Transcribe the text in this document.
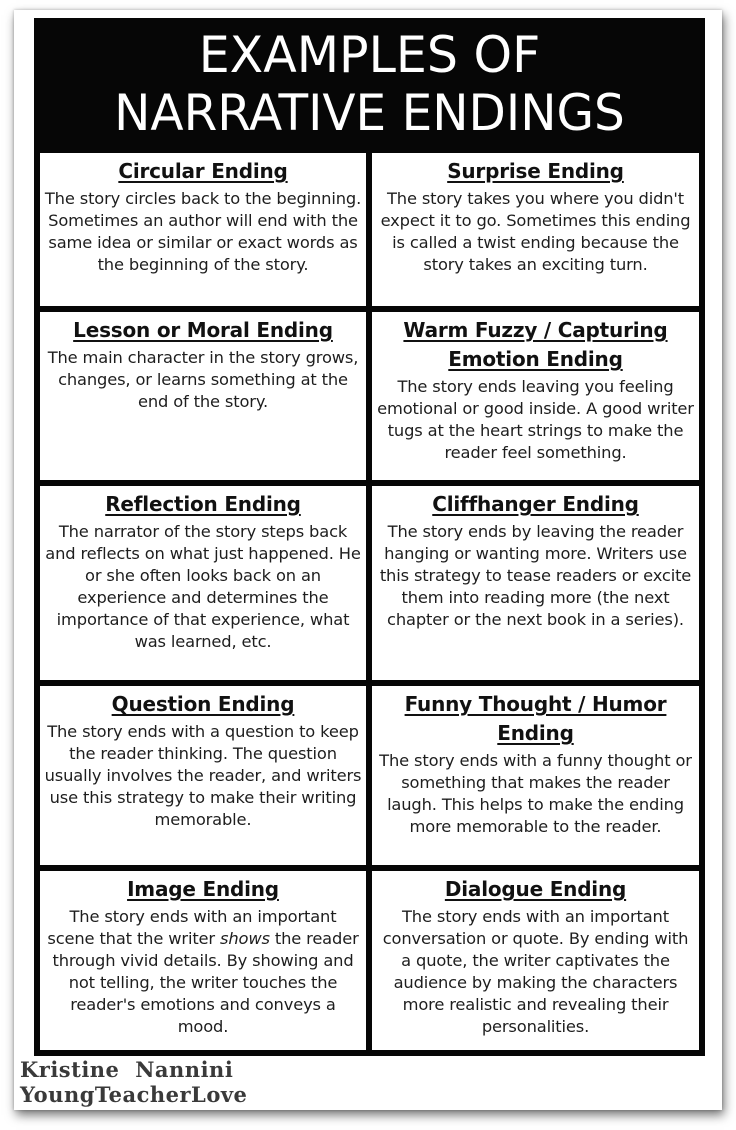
EXAMPLES OF
NARRATIVE ENDINGS
Circular Ending
The story circles back to the beginning. Sometimes an author will end with the same idea or similar or exact words as the beginning of the story.
Surprise Ending
The story takes you where you didn't expect it to go. Sometimes this ending is called a twist ending because the story takes an exciting turn.
Lesson or Moral Ending
The main character in the story grows, changes, or learns something at the end of the story.
Warm Fuzzy / Capturing Emotion Ending
The story ends leaving you feeling emotional or good inside. A good writer tugs at the heart strings to make the reader feel something.
Reflection Ending
The narrator of the story steps back and reflects on what just happened. He or she often looks back on an experience and determines the importance of that experience, what was learned, etc.
Cliffhanger Ending
The story ends by leaving the reader hanging or wanting more. Writers use this strategy to tease readers or excite them into reading more (the next chapter or the next book in a series).
Question Ending
The story ends with a question to keep the reader thinking. The question usually involves the reader, and writers use this strategy to make their writing memorable.
Funny Thought / Humor Ending
The story ends with a funny thought or something that makes the reader laugh. This helps to make the ending more memorable to the reader.
Image Ending
The story ends with an important scene that the writer shows the reader through vivid details. By showing and not telling, the writer touches the reader's emotions and conveys a mood.
Dialogue Ending
The story ends with an important conversation or quote. By ending with a quote, the writer captivates the audience by making the characters more realistic and revealing their personalities.
Kristine Nannini
YoungTeacherLove
